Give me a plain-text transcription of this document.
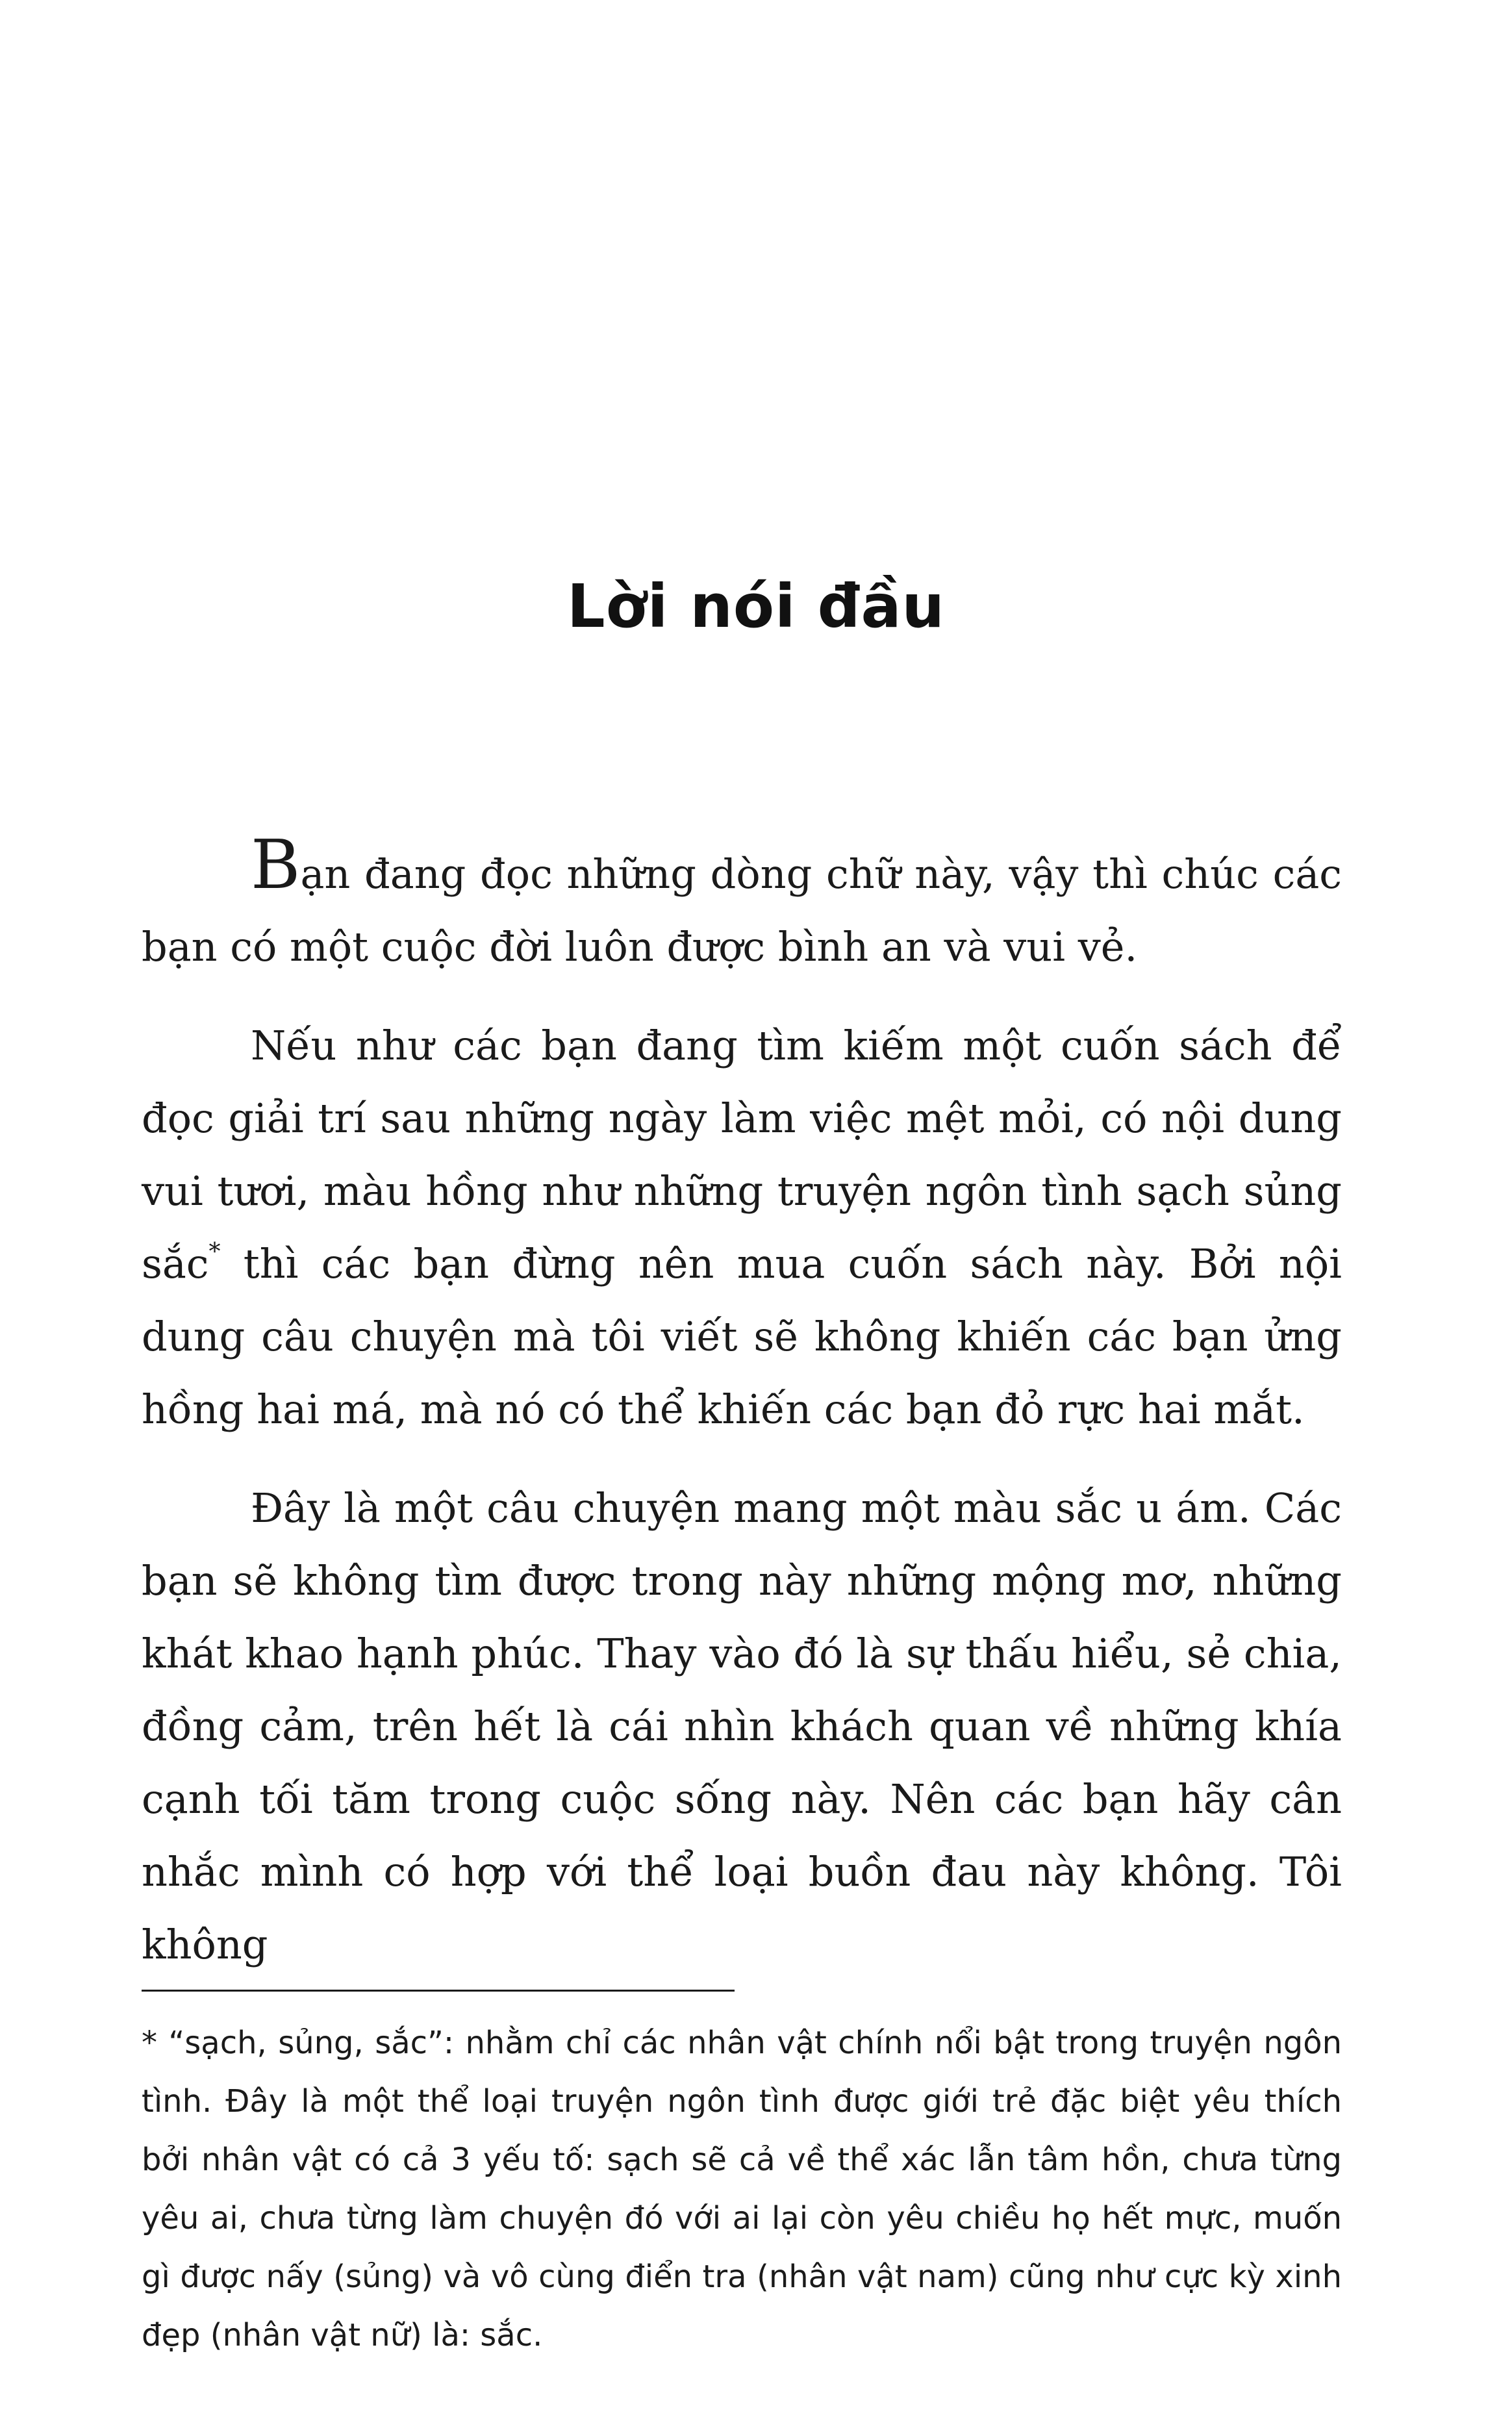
Lời nói đầu

Bạn đang đọc những dòng chữ này, vậy thì chúc các bạn có một cuộc đời luôn được bình an và vui vẻ.

Nếu như các bạn đang tìm kiếm một cuốn sách để đọc giải trí sau những ngày làm việc mệt mỏi, có nội dung vui tươi, màu hồng như những truyện ngôn tình sạch sủng sắc* thì các bạn đừng nên mua cuốn sách này. Bởi nội dung câu chuyện mà tôi viết sẽ không khiến các bạn ửng hồng hai má, mà nó có thể khiến các bạn đỏ rực hai mắt.

Đây là một câu chuyện mang một màu sắc u ám. Các bạn sẽ không tìm được trong này những mộng mơ, những khát khao hạnh phúc. Thay vào đó là sự thấu hiểu, sẻ chia, đồng cảm, trên hết là cái nhìn khách quan về những khía cạnh tối tăm trong cuộc sống này. Nên các bạn hãy cân nhắc mình có hợp với thể loại buồn đau này không. Tôi không

* “sạch, sủng, sắc”: nhằm chỉ các nhân vật chính nổi bật trong truyện ngôn tình. Đây là một thể loại truyện ngôn tình được giới trẻ đặc biệt yêu thích bởi nhân vật có cả 3 yếu tố: sạch sẽ cả về thể xác lẫn tâm hồn, chưa từng yêu ai, chưa từng làm chuyện đó với ai lại còn yêu chiều họ hết mực, muốn gì được nấy (sủng) và vô cùng điển tra (nhân vật nam) cũng như cực kỳ xinh đẹp (nhân vật nữ) là: sắc.
